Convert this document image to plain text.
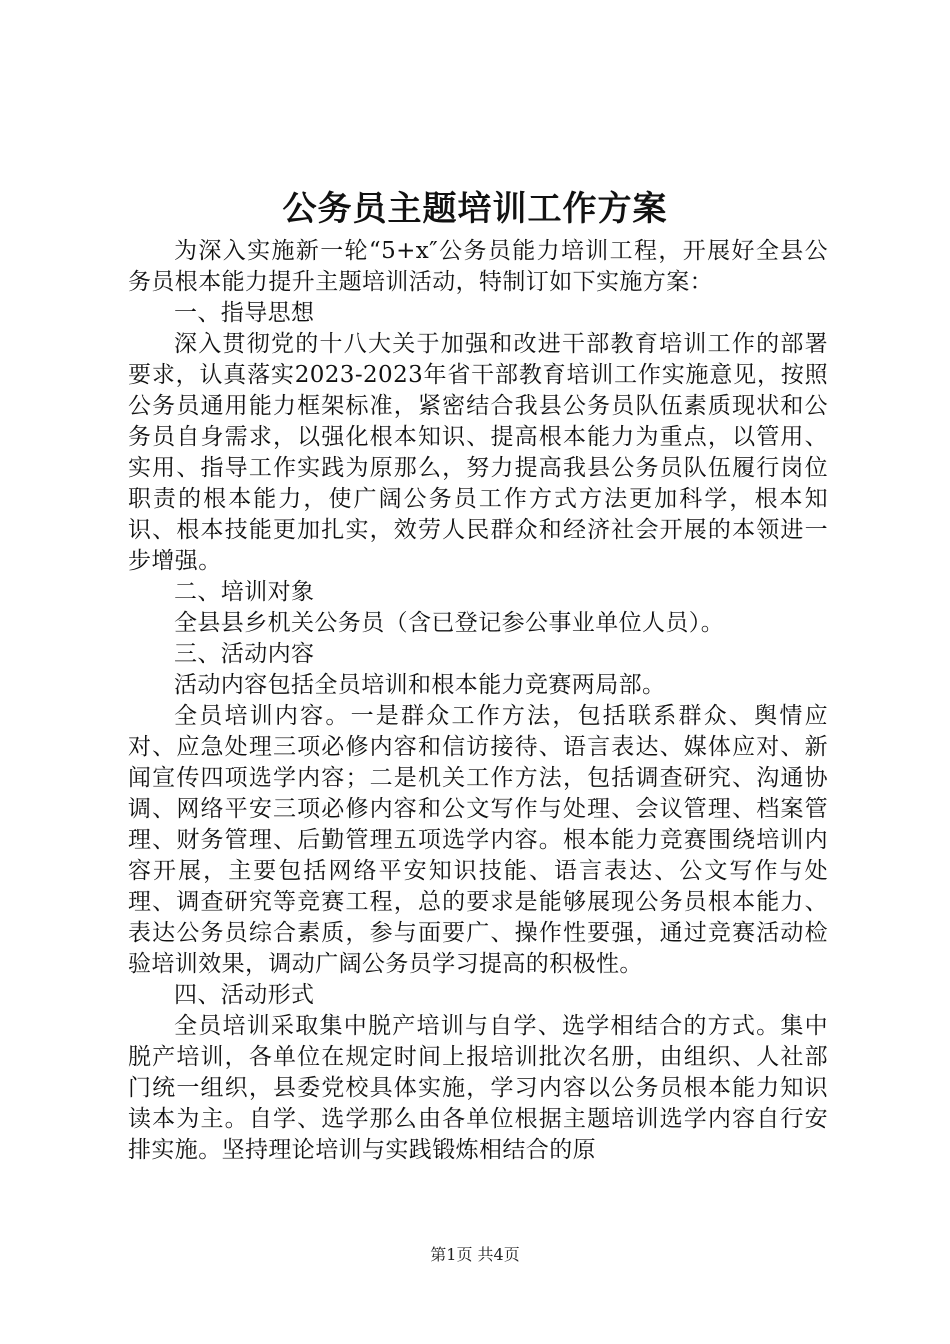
公务员主题培训工作方案

为深入实施新一轮“5+x″公务员能力培训工程，开展好全县公务员根本能力提升主题培训活动，特制订如下实施方案：

一、指导思想

深入贯彻党的十八大关于加强和改进干部教育培训工作的部署要求，认真落实2023-2023年省干部教育培训工作实施意见，按照公务员通用能力框架标准，紧密结合我县公务员队伍素质现状和公务员自身需求，以强化根本知识、提高根本能力为重点，以管用、实用、指导工作实践为原那么，努力提高我县公务员队伍履行岗位职责的根本能力，使广阔公务员工作方式方法更加科学，根本知识、根本技能更加扎实，效劳人民群众和经济社会开展的本领进一步增强。

二、培训对象

全县县乡机关公务员（含已登记参公事业单位人员）。

三、活动内容

活动内容包括全员培训和根本能力竞赛两局部。

全员培训内容。一是群众工作方法，包括联系群众、舆情应对、应急处理三项必修内容和信访接待、语言表达、媒体应对、新闻宣传四项选学内容；二是机关工作方法，包括调查研究、沟通协调、网络平安三项必修内容和公文写作与处理、会议管理、档案管理、财务管理、后勤管理五项选学内容。根本能力竞赛围绕培训内容开展，主要包括网络平安知识技能、语言表达、公文写作与处理、调查研究等竞赛工程，总的要求是能够展现公务员根本能力、表达公务员综合素质，参与面要广、操作性要强，通过竞赛活动检验培训效果，调动广阔公务员学习提高的积极性。

四、活动形式

全员培训采取集中脱产培训与自学、选学相结合的方式。集中脱产培训，各单位在规定时间上报培训批次名册，由组织、人社部门统一组织，县委党校具体实施，学习内容以公务员根本能力知识读本为主。自学、选学那么由各单位根据主题培训选学内容自行安排实施。坚持理论培训与实践锻炼相结合的原

第1页 共4页
